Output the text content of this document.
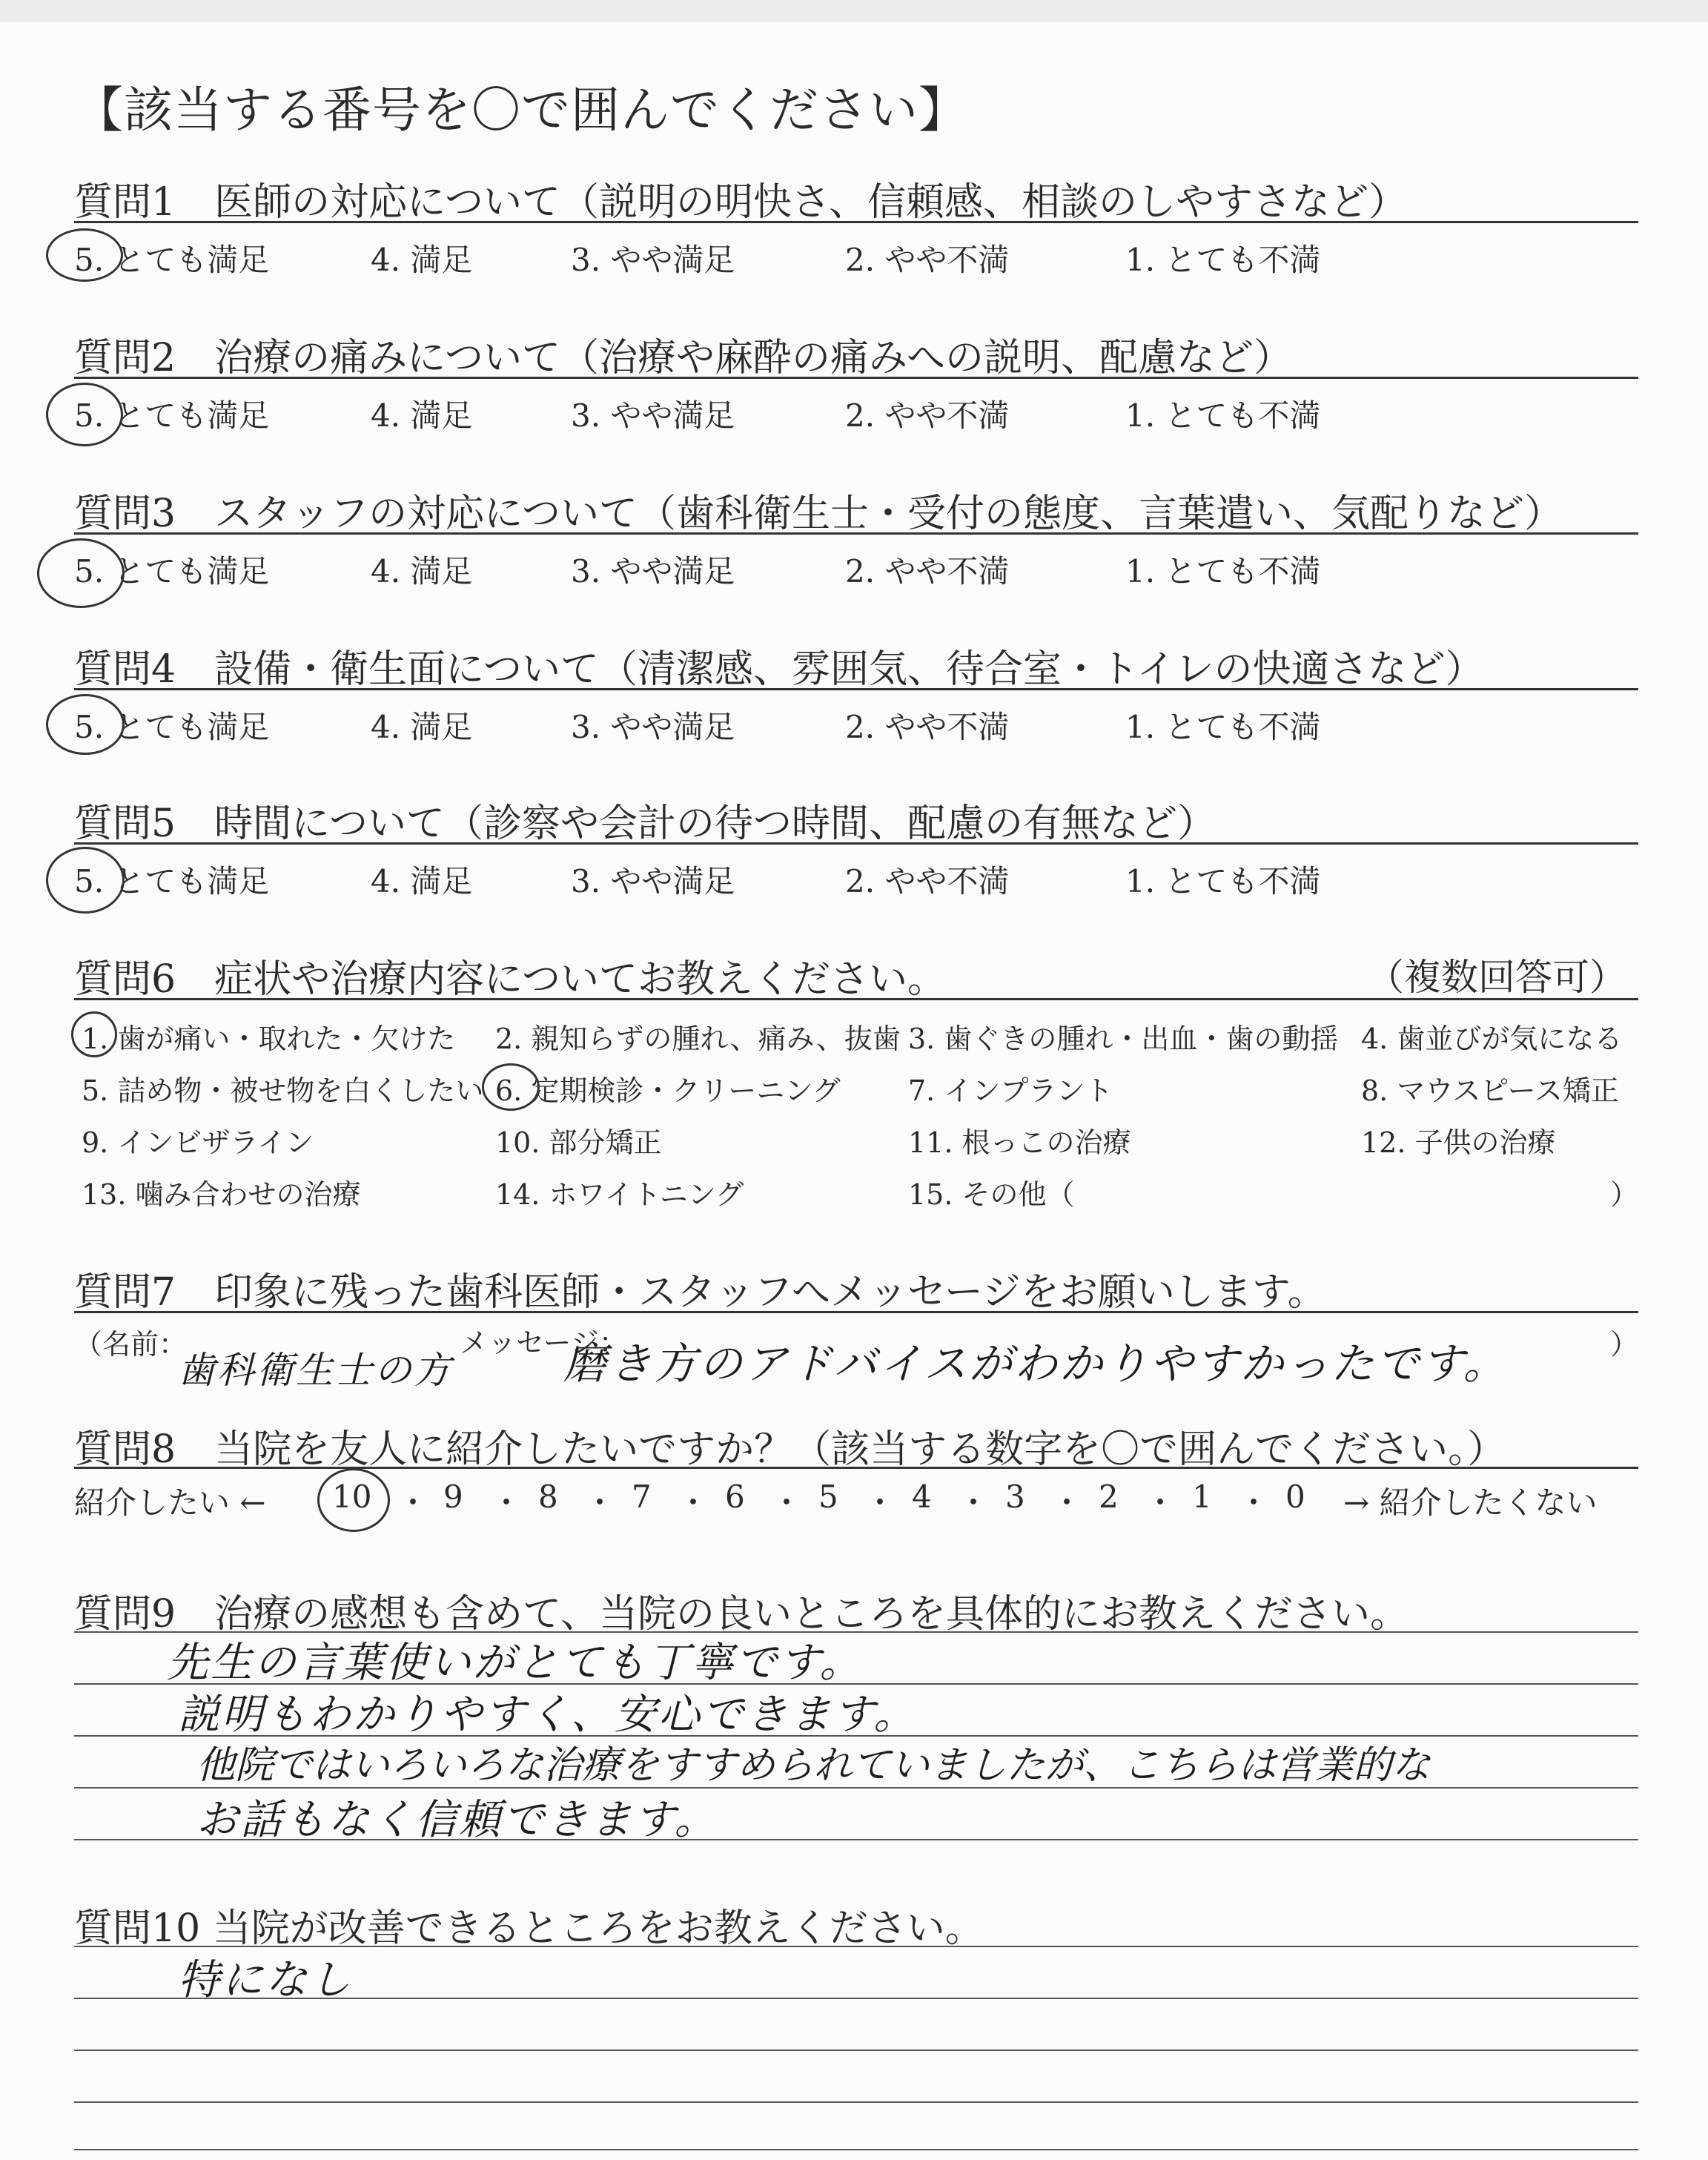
【該当する番号を〇で囲んでください】
質問1　医師の対応について（説明の明快さ、信頼感、相談のしやすさなど）
5. とても満足	4. 満足	3. やや満足	2. やや不満	1. とても不満
質問2　治療の痛みについて（治療や麻酔の痛みへの説明、配慮など）
5. とても満足	4. 満足	3. やや満足	2. やや不満	1. とても不満
質問3　スタッフの対応について（歯科衛生士・受付の態度、言葉遣い、気配りなど）
5. とても満足	4. 満足	3. やや満足	2. やや不満	1. とても不満
質問4　設備・衛生面について（清潔感、雰囲気、待合室・トイレの快適さなど）
5. とても満足	4. 満足	3. やや満足	2. やや不満	1. とても不満
質問5　時間について（診察や会計の待つ時間、配慮の有無など）
5. とても満足	4. 満足	3. やや満足	2. やや不満	1. とても不満
質問6　症状や治療内容についてお教えください。	（複数回答可）
1. 歯が痛い・取れた・欠けた 2. 親知らずの腫れ、痛み、抜歯 3. 歯ぐきの腫れ・出血・歯の動揺 4. 歯並びが気になる
5. 詰め物・被せ物を白くしたい 6. 定期検診・クリーニング 7. インプラント	8. マウスピース矯正
9. インビザライン	10. 部分矯正	11. 根っこの治療	12. 子供の治療
13. 噛み合わせの治療	14. ホワイトニング	15. その他（	）
質問7　印象に残った歯科医師・スタッフへメッセージをお願いします。
（名前：	メッセージ：	）
歯科衛生士の方	磨き方のアドバイスがわかりやすかったです。
質問8　当院を友人に紹介したいですか？（該当する数字を〇で囲んでください。）
紹介したい ← 10 ・ 9 ・ 8 ・ 7 ・ 6 ・ 5 ・ 4 ・ 3 ・ 2 ・ 1 ・ 0 → 紹介したくない
質問9　治療の感想も含めて、当院の良いところを具体的にお教えください。
先生の言葉使いがとても丁寧です。
説明もわかりやすく、安心できます。
他院ではいろいろな治療をすすめられていましたが、こちらは営業的な
お話もなく信頼できます。
質問10 当院が改善できるところをお教えください。
特になし
